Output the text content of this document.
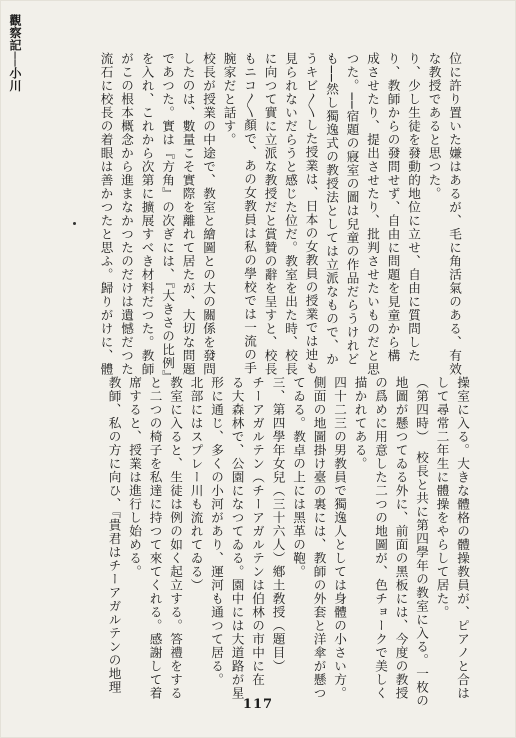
觀察記──小川	位に許り置いた嫌はあるが、毛に角活氣のある、有效
な教授であると思つた。
り、少し生徒を發動的地位に立せ、自由に質問した
り、教師からの發問せず、自由に問題を見童から構
成させたり、提出させたり、批判させたいものだと思
つた。──宿題の寢室の圖は兒童の作品だらうけれど
も──然し獨逸式の教授法としては立派なもので、か
うキビ〳〵した授業は、日本の女教員の授業では迚も
見られないだらうと感じた位だ。教室を出た時、校長
に向つて實に立派な教授だと賞贊の辭を呈すと、校長
もニコ〳〵顏で、あの女教員は私の學校では一流の手
腕家だと話す。
校長が授業の中途で、教室と繪圖との大の關係を發問
したのは、數量こそ實際を離れて居たが、大切な問題
であつた。實は『方角』の次ぎには、『大きさの比例』
を入れ、これから次第に擴展すべき材料だつた。教師
がこの根本概念から進まなかつたのだけは遺憾だつた
流石に校長の着眼は善かつたと思ふ。歸りがけに、體
操室に入る。大きな體格の體操教員が、ピアノと合は
して尋常二年生に體操をやらして居た。
（第四時）　校長と共に第四學年の教室に入る。一枚の
地圖が懸つてゐる外に、前面の黑板には、今度の教授
の爲めに用意した二つの地圖が、色チョークで美しく
描かれてある。
四十二三の男教員で獨逸人としては身體の小さい方。
側面の地圖掛け臺の裏には、教師の外套と洋傘が懸つ
てゐる。教卓の上には黑革の鞄。
三、第四學年女兒（三十六人）鄕土敎授（題目）
チーアガルテン（チーアガルテンは伯林の市中に在
る大森林で、公園になつてゐる。園中には大道路が星
形に通じ、多くの小河があり、運河も通つて居る。
北部にはスプレー川も流れてゐる）
教室に入ると、生徒は例の如く起立する。答禮をする
と二つの椅子を私達に持つて來てくれる。感謝して着
席すると、授業は進行し始める。
教師、私の方に向ひ、『貴君はチーアガルテンの地理
117
